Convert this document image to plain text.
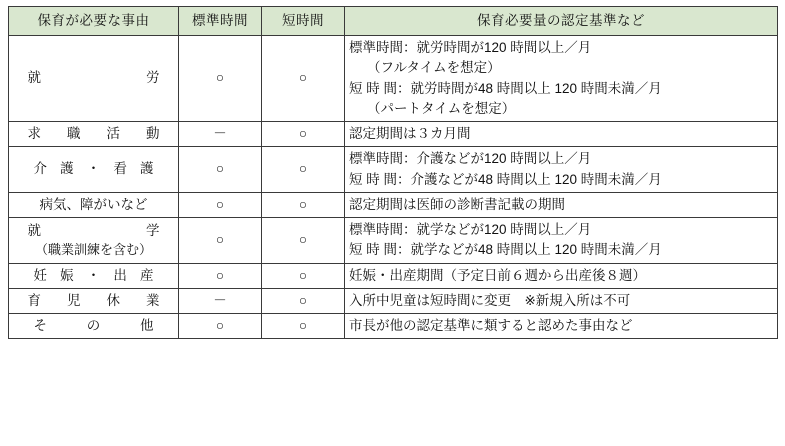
保育が必要な事由	標準時間	短時間	保育必要量の認定基準など

就 労	○	○	標準時間：就労時間が120 時間以上／月
（フルタイムを想定）
短 時 間：就労時間が48 時間以上 120 時間未満／月
（パートタイムを想定）

求 職 活 動	－	○	認定期間は３カ月間

介 護 ・ 看 護	○	○	標準時間：介護などが120 時間以上／月
短 時 間：介護などが48 時間以上 120 時間未満／月

病気、障がいなど	○	○	認定期間は医師の診断書記載の期間

就 学
（職業訓練を含む）	○	○	標準時間：就学などが120 時間以上／月
短 時 間：就学などが48 時間以上 120 時間未満／月

妊 娠 ・ 出 産	○	○	妊娠・出産期間（予定日前６週から出産後８週）

育 児 休 業	－	○	入所中児童は短時間に変更　※新規入所は不可

そ の 他	○	○	市長が他の認定基準に類すると認めた事由など
